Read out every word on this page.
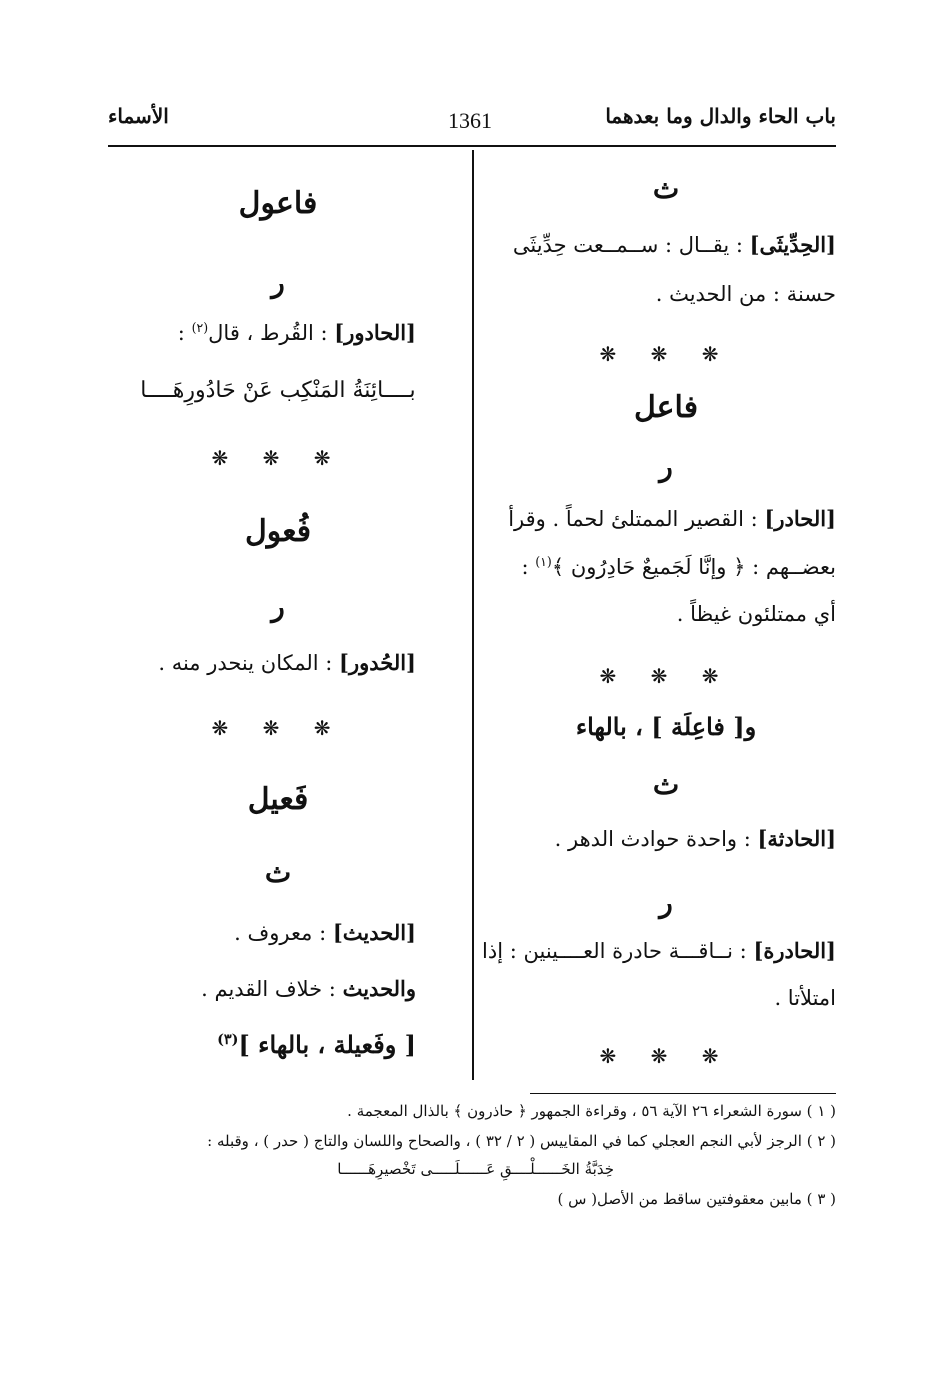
باب الحاء والدال وما بعدهما
1361
الأسماء
ث
[الحِدِّيثَى] : يقــال : ســمــعت حِدِّيثَى
حسنة : من الحديث .
❋ ❋ ❋
فاعل
ر
[الحادر] : القصير الممتلئ لحماً . وقرأ
بعضــهم : ﴿ وإنَّا لَجَميعٌ حَادِرُون ﴾$^{(١)}$ :
أي ممتلئون غيظاً .
❋ ❋ ❋
و[ فاعِلَة ] ، بالهاء
ث
[الحادثة] : واحدة حوادث الدهر .
ر
[الحادرة] : نــاقـــة حادرة العــــينين : إذا
امتلأتا .
❋ ❋ ❋
فاعول
ر
[الحادور] : القُرط ، قال$^{(٢)}$ :
بــــائِنَةُ المَنْكِب عَنْ حَادُورِهَــــا
❋ ❋ ❋
فُعول
ر
[الحُدور] : المكان ينحدر منه .
❋ ❋ ❋
فَعيل
ث
[الحديث] : معروف .
والحديث : خلاف القديم .
[ وفَعيلة ، بالهاء ]$^{(٣)}$
( ١ ) سورة الشعراء ٢٦ الآية ٥٦ ، وقراءة الجمهور ﴿ حاذرون ﴾ بالذال المعجمة .
( ٢ ) الرجز لأبي النجم العجلي كما في المقاييس ( ٢ / ٣٢ ) ، والصحاح واللسان والتاج ( حدر ) ، وقبله :
خِدَبَّةُ الخَــــــلْــــقِ عَــــــلَـــــى تَخْصيرِهَــــــا
( ٣ ) مابين معقوفتين ساقط من الأصل( س )
